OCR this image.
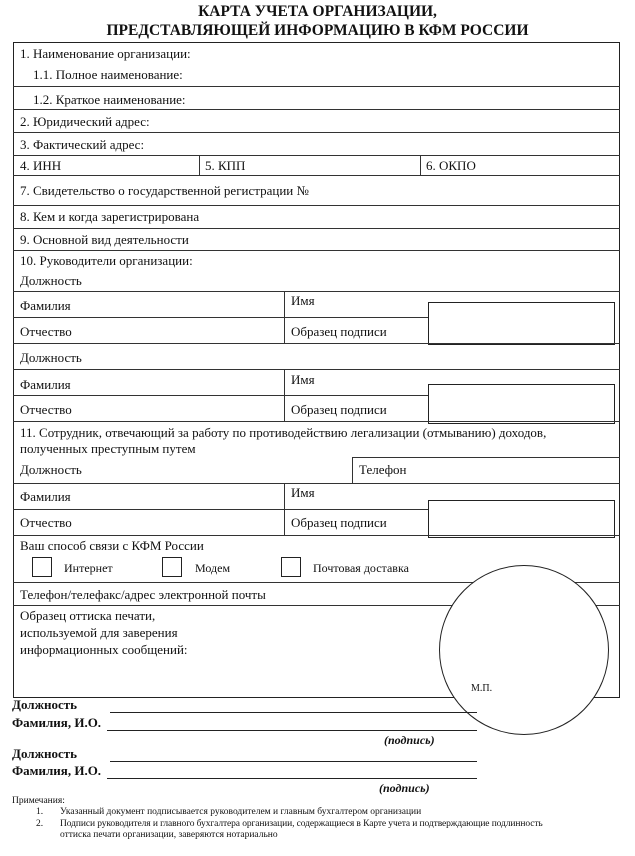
КАРТА УЧЕТА ОРГАНИЗАЦИИ,
ПРЕДСТАВЛЯЮЩЕЙ ИНФОРМАЦИЮ В КФМ РОССИИ
1. Наименование организации:
1.1. Полное наименование:
1.2. Краткое наименование:
2. Юридический адрес:
3. Фактический адрес:
4. ИНН	5. КПП	6. ОКПО
7. Свидетельство о государственной регистрации №
8. Кем и когда зарегистрирована
9. Основной вид деятельности
10. Руководители организации:
Должность
Фамилия	Имя
Отчество	Образец подписи
Должность
Фамилия	Имя
Отчество	Образец подписи
11. Сотрудник, отвечающий за работу по противодействию легализации (отмыванию) доходов,
полученных преступным путем
Должность	Телефон
Фамилия	Имя
Отчество	Образец подписи
Ваш способ связи с КФМ России
Интернет	Модем	Почтовая доставка
Телефон/телефакс/адрес электронной почты
Образец оттиска печати,
используемой для заверения
информационных сообщений:
М.П.
Должность
Фамилия, И.О.
(подпись)
Должность
Фамилия, И.О.
(подпись)
Примечания:
1. Указанный документ подписывается руководителем и главным бухгалтером организации
2. Подписи руководителя и главного бухгалтера организации, содержащиеся в Карте учета и подтверждающие подлинность
оттиска печати организации, заверяются нотариально
